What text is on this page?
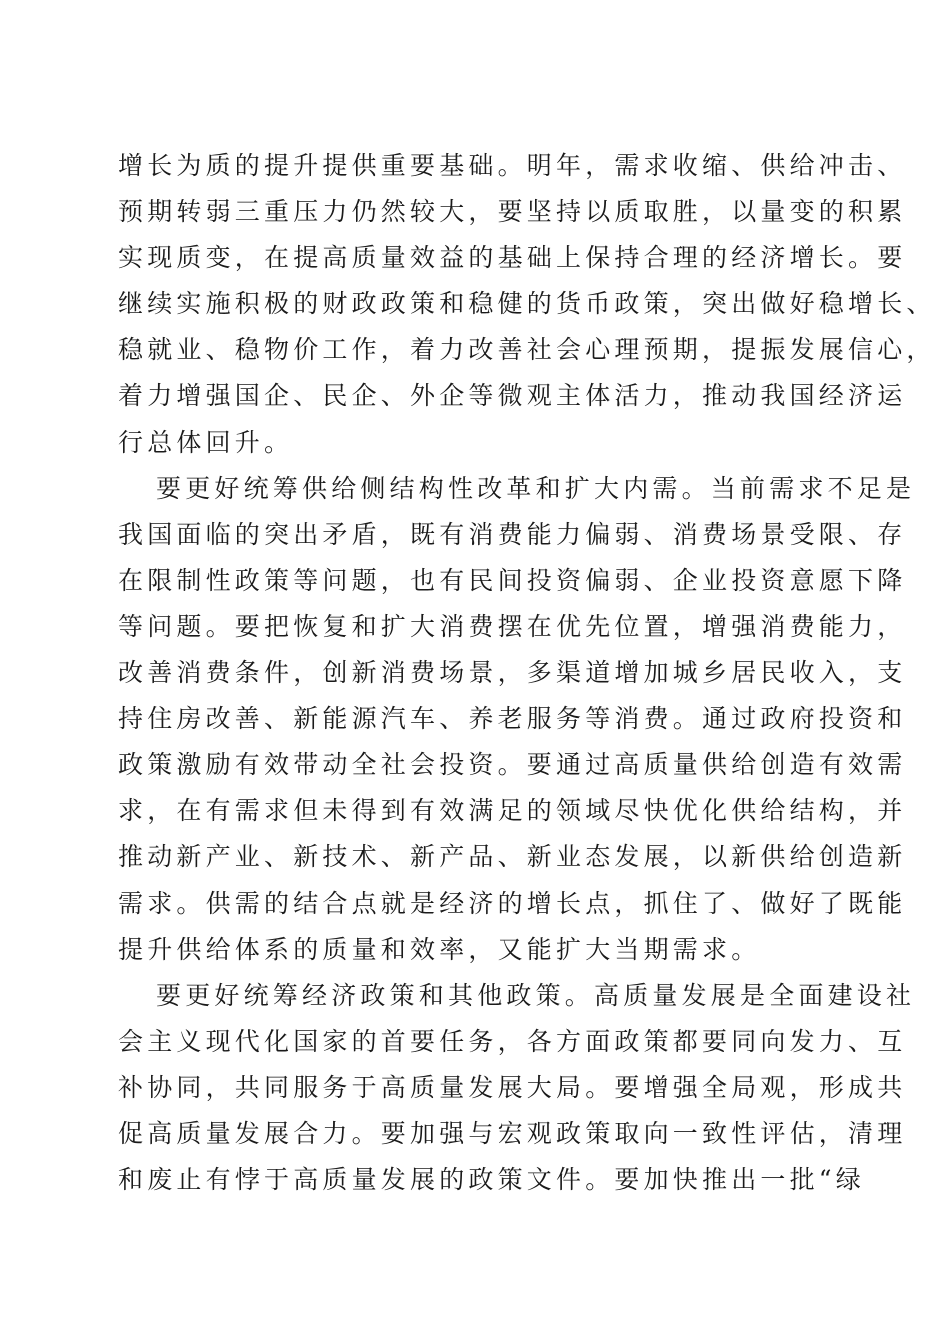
增长为质的提升提供重要基础。明年，需求收缩、供给冲击、
预期转弱三重压力仍然较大，要坚持以质取胜，以量变的积累
实现质变，在提高质量效益的基础上保持合理的经济增长。要
继续实施积极的财政政策和稳健的货币政策，突出做好稳增长、
稳就业、稳物价工作，着力改善社会心理预期，提振发展信心，
着力增强国企、民企、外企等微观主体活力，推动我国经济运
行总体回升。
要更好统筹供给侧结构性改革和扩大内需。当前需求不足是
我国面临的突出矛盾，既有消费能力偏弱、消费场景受限、存
在限制性政策等问题，也有民间投资偏弱、企业投资意愿下降
等问题。要把恢复和扩大消费摆在优先位置，增强消费能力，
改善消费条件，创新消费场景，多渠道增加城乡居民收入，支
持住房改善、新能源汽车、养老服务等消费。通过政府投资和
政策激励有效带动全社会投资。要通过高质量供给创造有效需
求，在有需求但未得到有效满足的领域尽快优化供给结构，并
推动新产业、新技术、新产品、新业态发展，以新供给创造新
需求。供需的结合点就是经济的增长点，抓住了、做好了既能
提升供给体系的质量和效率，又能扩大当期需求。
要更好统筹经济政策和其他政策。高质量发展是全面建设社
会主义现代化国家的首要任务，各方面政策都要同向发力、互
补协同，共同服务于高质量发展大局。要增强全局观，形成共
促高质量发展合力。要加强与宏观政策取向一致性评估，清理
和废止有悖于高质量发展的政策文件。要加快推出一批“绿
